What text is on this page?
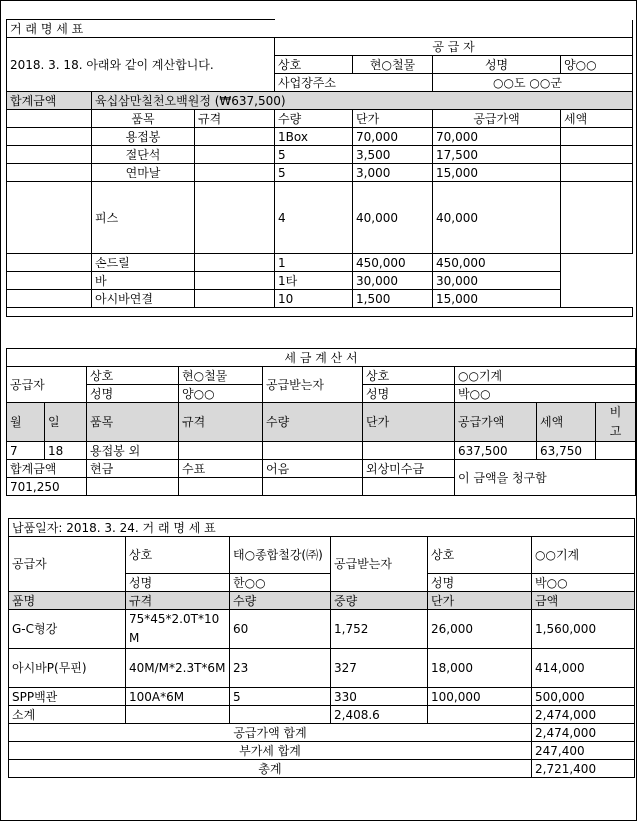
거 래 명 세 표						
2018. 3. 18. 아래와 같이 계산합니다.			공 급 자			
			상호	현○철물	성명	양○○
			사업장주소		○○도 ○○군	
합계금액	육십삼만칠천오백원정 (₩637,500)					
	품목	규격	수량	단가	공급가액	세액
	용접봉		1Box	70,000	70,000	
	절단석		5	3,500	17,500	
	연마날		5	3,000	15,000	
	피스		4	40,000	40,000	
	손드릴		1	450,000	450,000	
	바		1타	30,000	30,000	
	아시바연결		10	1,500	15,000	

세 금 계 산 서								
공급자		상호	현○철물	공급받는자	상호	○○기계		
		성명	양○○		성명	박○○		
월	일	품목	규격	수량	단가	공급가액	세액	비
고
7	18	용접봉 외				637,500	63,750	
합계금액		현금	수표	어음	외상미수금	이 금액을 청구함		
701,250								
납품일자: 2018. 3. 24. 거 래 명 세 표					
공급자	상호	태○종합철강(㈜)	공급받는자	상호	○○기계
	성명	한○○		성명	박○○
품명	규격	수량	중량	단가	금액
G-C형강	75*45*2.0T*10M	60	1,752	26,000	1,560,000
아시바P(무핀)	40M/M*2.3T*6M	23	327	18,000	414,000
SPP백관	100A*6M	5	330	100,000	500,000
소계			2,408.6		2,474,000
공급가액 합계					2,474,000
부가세 합계					247,400
총계					2,721,400
